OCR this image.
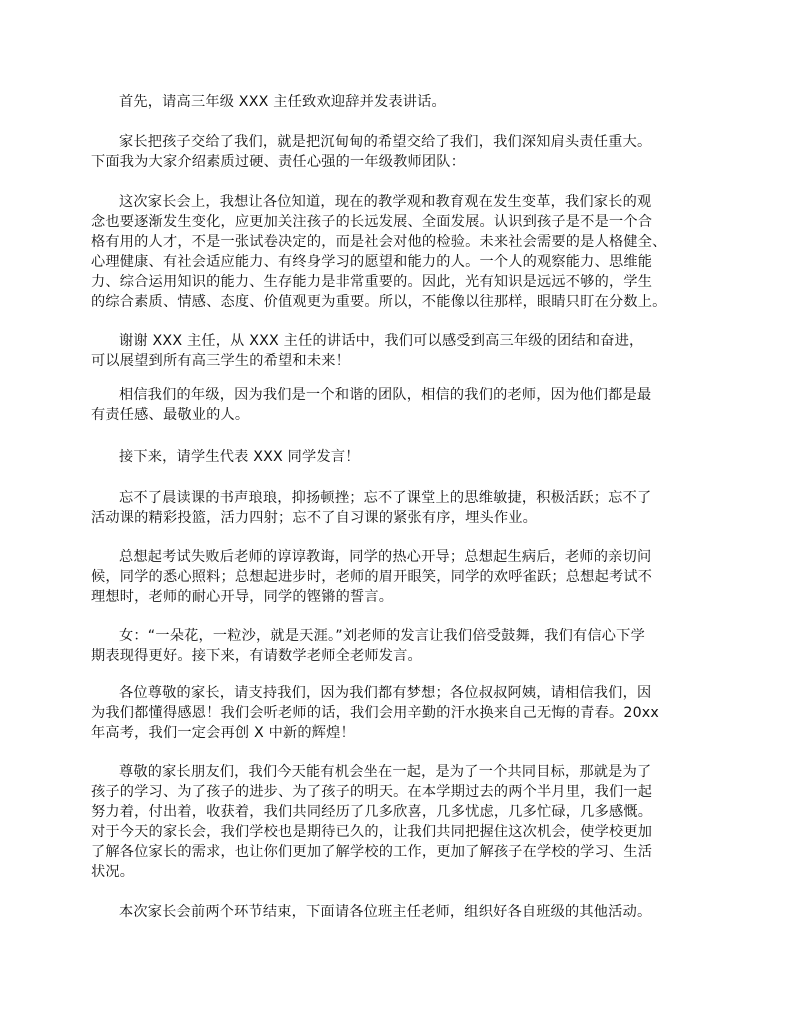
首先，请高三年级 XXX 主任致欢迎辞并发表讲话。

家长把孩子交给了我们，就是把沉甸甸的希望交给了我们，我们深知肩头责任重大。
下面我为大家介绍素质过硬、责任心强的一年级教师团队：

这次家长会上，我想让各位知道，现在的教学观和教育观在发生变革，我们家长的观
念也要逐渐发生变化，应更加关注孩子的长远发展、全面发展。认识到孩子是不是一个合
格有用的人才，不是一张试卷决定的，而是社会对他的检验。未来社会需要的是人格健全、
心理健康、有社会适应能力、有终身学习的愿望和能力的人。一个人的观察能力、思维能
力、综合运用知识的能力、生存能力是非常重要的。因此，光有知识是远远不够的，学生
的综合素质、情感、态度、价值观更为重要。所以，不能像以往那样，眼睛只盯在分数上。

谢谢 XXX 主任，从 XXX 主任的讲话中，我们可以感受到高三年级的团结和奋进，
可以展望到所有高三学生的希望和未来！

相信我们的年级，因为我们是一个和谐的团队，相信的我们的老师，因为他们都是最
有责任感、最敬业的人。

接下来，请学生代表 XXX 同学发言！

忘不了晨读课的书声琅琅，抑扬顿挫；忘不了课堂上的思维敏捷，积极活跃；忘不了
活动课的精彩投篮，活力四射；忘不了自习课的紧张有序，埋头作业。

总想起考试失败后老师的谆谆教诲，同学的热心开导；总想起生病后，老师的亲切问
候，同学的悉心照料；总想起进步时，老师的眉开眼笑，同学的欢呼雀跃；总想起考试不
理想时，老师的耐心开导，同学的铿锵的誓言。

女：“一朵花，一粒沙，就是天涯。”刘老师的发言让我们倍受鼓舞，我们有信心下学
期表现得更好。接下来，有请数学老师全老师发言。

各位尊敬的家长，请支持我们，因为我们都有梦想；各位叔叔阿姨，请相信我们，因
为我们都懂得感恩！我们会听老师的话，我们会用辛勤的汗水换来自己无悔的青春。20xx
年高考，我们一定会再创 X 中新的辉煌！

尊敬的家长朋友们，我们今天能有机会坐在一起，是为了一个共同目标，那就是为了
孩子的学习、为了孩子的进步、为了孩子的明天。在本学期过去的两个半月里，我们一起
努力着，付出着，收获着，我们共同经历了几多欣喜，几多忧虑，几多忙碌，几多感慨。
对于今天的家长会，我们学校也是期待已久的，让我们共同把握住这次机会，使学校更加
了解各位家长的需求，也让你们更加了解学校的工作，更加了解孩子在学校的学习、生活
状况。

本次家长会前两个环节结束，下面请各位班主任老师，组织好各自班级的其他活动。
